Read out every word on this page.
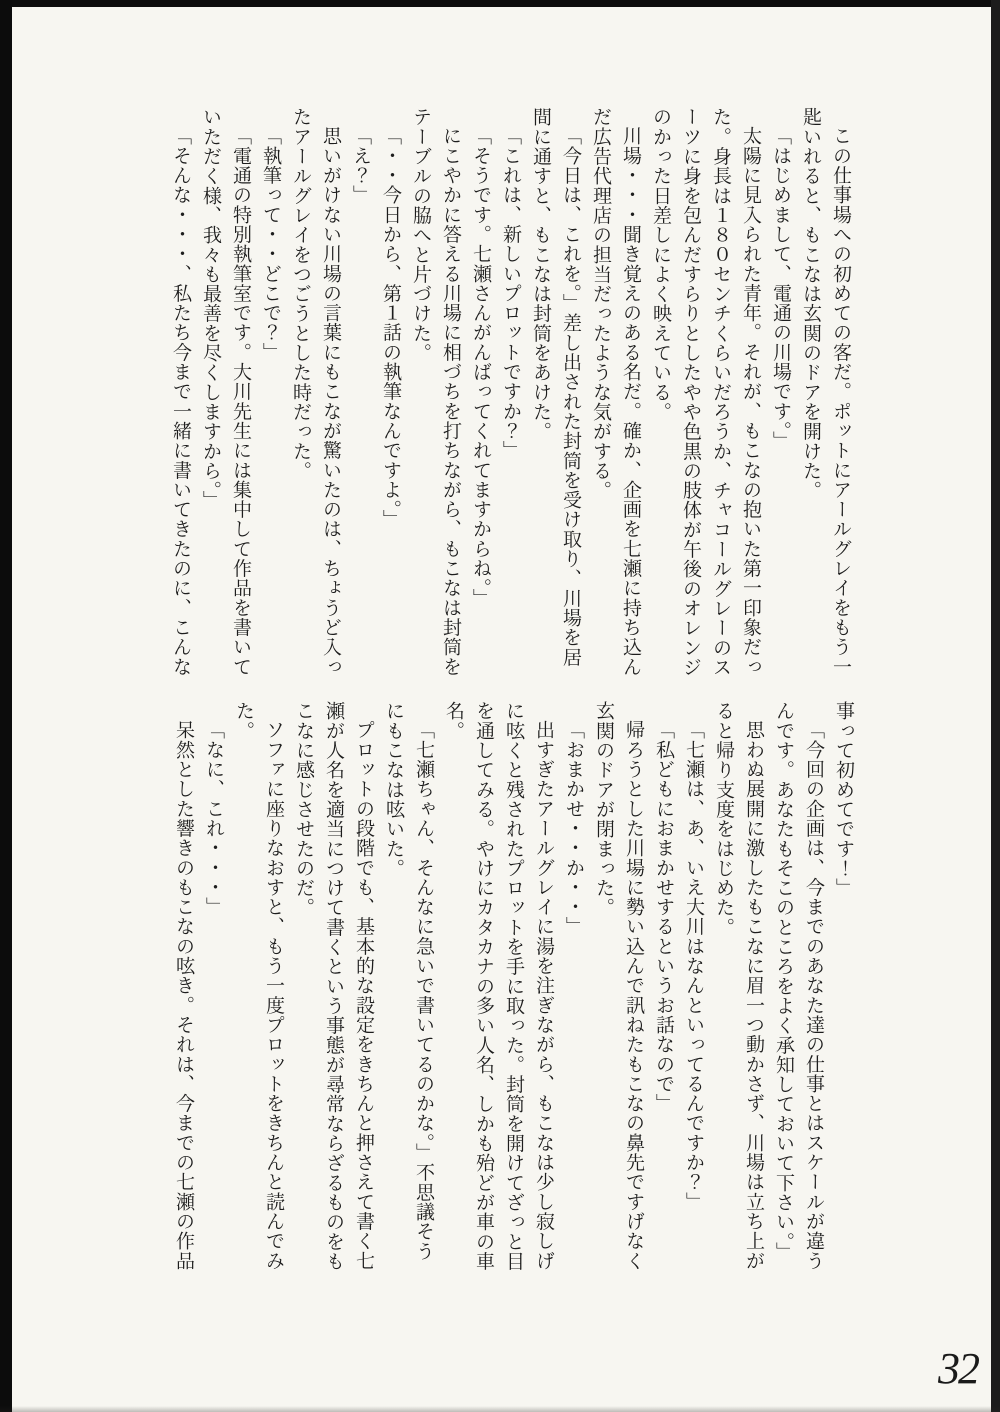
この仕事場への初めての客だ。ポットにアールグレイをもう一匙いれると、もこなは玄関のドアを開けた。

「はじめまして、電通の川場です。」

太陽に見入られた青年。それが、もこなの抱いた第一印象だった。身長は１８０センチくらいだろうか、チャコールグレーのスーツに身を包んだすらりとしたやや色黒の肢体が午後のオレンジのかった日差しによく映えている。

川場・・・聞き覚えのある名だ。確か、企画を七瀬に持ち込んだ広告代理店の担当だったような気がする。

「今日は、これを。」差し出された封筒を受け取り、川場を居間に通すと、もこなは封筒をあけた。

「これは、新しいプロットですか？」

「そうです。七瀬さんがんばってくれてますからね。」

にこやかに答える川場に相づちを打ちながら、もこなは封筒をテーブルの脇へと片づけた。

「・・今日から、第１話の執筆なんですよ。」

「え？」

思いがけない川場の言葉にもこなが驚いたのは、ちょうど入ったアールグレイをつごうとした時だった。

「執筆って・・どこで？」

「電通の特別執筆室です。大川先生には集中して作品を書いていただく様、我々も最善を尽くしますから。」

「そんな・・・、私たち今まで一緒に書いてきたのに、こんな

事って初めてです！」

「今回の企画は、今までのあなた達の仕事とはスケールが違うんです。あなたもそこのところをよく承知しておいて下さい。」

思わぬ展開に激したもこなに眉一つ動かさず、川場は立ち上がると帰り支度をはじめた。

「七瀬は、あ、いえ大川はなんといってるんですか？」

「私どもにおまかせするというお話なので」

帰ろうとした川場に勢い込んで訊ねたもこなの鼻先ですげなく玄関のドアが閉まった。

「おまかせ・・か・・」

出すぎたアールグレイに湯を注ぎながら、もこなは少し寂しげに呟くと残されたプロットを手に取った。封筒を開けてざっと目を通してみる。やけにカタカナの多い人名、しかも殆どが車の車名。

「七瀬ちゃん、そんなに急いで書いてるのかな。」不思議そうにもこなは呟いた。

プロットの段階でも、基本的な設定をきちんと押さえて書く七瀬が人名を適当につけて書くという事態が尋常ならざるものをもこなに感じさせたのだ。

ソファに座りなおすと、もう一度プロットをきちんと読んでみた。

「なに、これ・・・」

呆然とした響きのもこなの呟き。それは、今までの七瀬の作品

32
